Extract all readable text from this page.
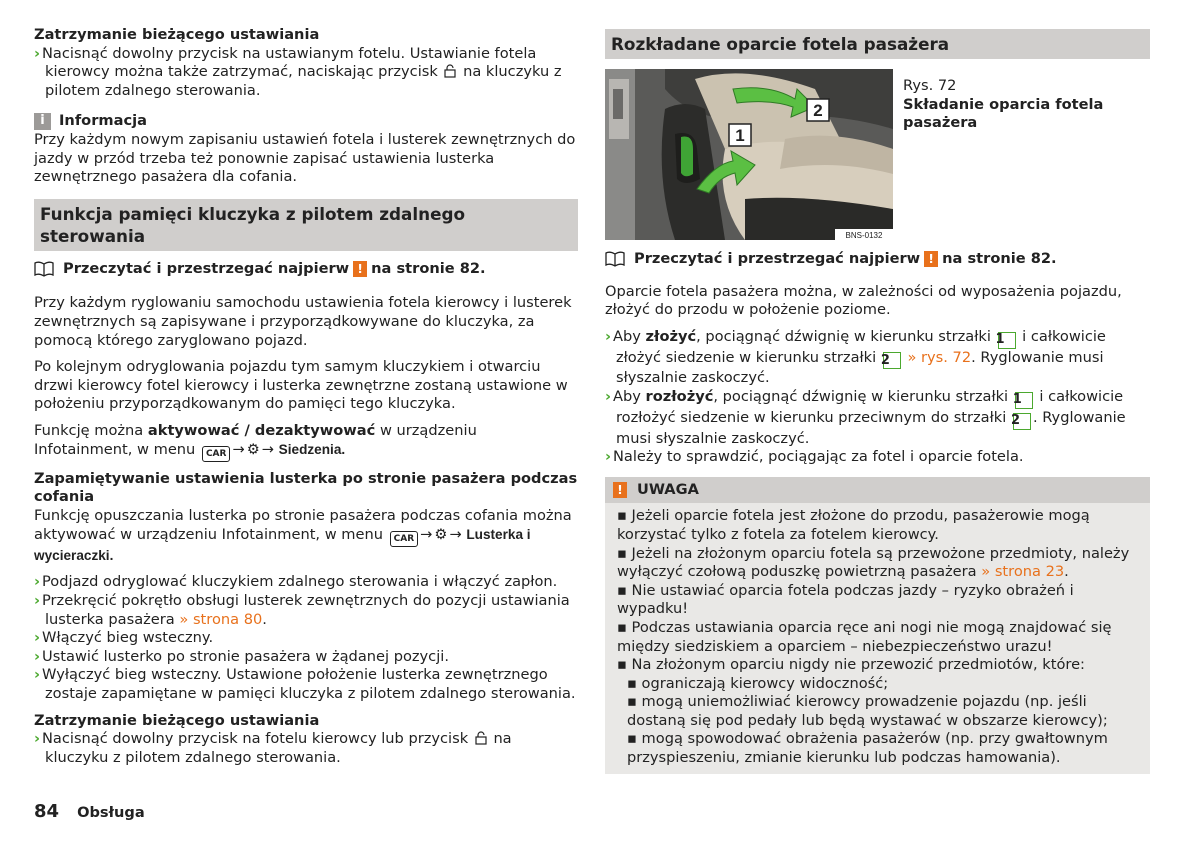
Zatrzymanie bieżącego ustawiania
› Nacisnąć dowolny przycisk na ustawianym fotelu. Ustawianie fotela kierowcy można także zatrzymać, naciskając przycisk na kluczyku z pilotem zdalnego sterowania.
i Informacja
Przy każdym nowym zapisaniu ustawień fotela i lusterek zewnętrznych do jazdy w przód trzeba też ponownie zapisać ustawienia lusterka zewnętrznego pasażera dla cofania.
Funkcja pamięci kluczyka z pilotem zdalnego sterowania
Przeczytać i przestrzegać najpierw ! na stronie 82.
Przy każdym ryglowaniu samochodu ustawienia fotela kierowcy i lusterek zewnętrznych są zapisywane i przyporządkowywane do kluczyka, za pomocą którego zaryglowano pojazd.
Po kolejnym odryglowania pojazdu tym samym kluczykiem i otwarciu drzwi kierowcy fotel kierowcy i lusterka zewnętrzne zostaną ustawione w położeniu przyporządkowanym do pamięci tego kluczyka.
Funkcję można aktywować / dezaktywować w urządzeniu Infotainment, w menu CAR → ⚙ → Siedzenia.
Zapamiętywanie ustawienia lusterka po stronie pasażera podczas cofania
Funkcję opuszczania lusterka po stronie pasażera podczas cofania można aktywować w urządzeniu Infotainment, w menu CAR → ⚙ → Lusterka i wycieraczki.
› Podjazd odryglować kluczykiem zdalnego sterowania i włączyć zapłon.
› Przekręcić pokrętło obsługi lusterek zewnętrznych do pozycji ustawiania lusterka pasażera » strona 80.
› Włączyć bieg wsteczny.
› Ustawić lusterko po stronie pasażera w żądanej pozycji.
› Wyłączyć bieg wsteczny. Ustawione położenie lusterka zewnętrznego zostaje zapamiętane w pamięci kluczyka z pilotem zdalnego sterowania.
Zatrzymanie bieżącego ustawiania
› Nacisnąć dowolny przycisk na fotelu kierowcy lub przycisk na kluczyku z pilotem zdalnego sterowania.
Rozkładane oparcie fotela pasażera
1
2
BNS-0132
Rys. 72
Składanie oparcia fotela pasażera
Przeczytać i przestrzegać najpierw ! na stronie 82.
Oparcie fotela pasażera można, w zależności od wyposażenia pojazdu, złożyć do przodu w położenie poziome.
› Aby złożyć, pociągnąć dźwignię w kierunku strzałki 1 i całkowicie złożyć siedzenie w kierunku strzałki 2 » rys. 72. Ryglowanie musi słyszalnie zaskoczyć.
› Aby rozłożyć, pociągnąć dźwignię w kierunku strzałki 1 i całkowicie rozłożyć siedzenie w kierunku przeciwnym do strzałki 2 . Ryglowanie musi słyszalnie zaskoczyć.
› Należy to sprawdzić, pociągając za fotel i oparcie fotela.
! UWAGA
▪ Jeżeli oparcie fotela jest złożone do przodu, pasażerowie mogą korzystać tylko z fotela za fotelem kierowcy.
▪ Jeżeli na złożonym oparciu fotela są przewożone przedmioty, należy wyłączyć czołową poduszkę powietrzną pasażera » strona 23.
▪ Nie ustawiać oparcia fotela podczas jazdy – ryzyko obrażeń i wypadku!
▪ Podczas ustawiania oparcia ręce ani nogi nie mogą znajdować się między siedziskiem a oparciem – niebezpieczeństwo urazu!
▪ Na złożonym oparciu nigdy nie przewozić przedmiotów, które:
▪ ograniczają kierowcy widoczność;
▪ mogą uniemożliwiać kierowcy prowadzenie pojazdu (np. jeśli dostaną się pod pedały lub będą wystawać w obszarze kierowcy);
▪ mogą spowodować obrażenia pasażerów (np. przy gwałtownym przyspieszeniu, zmianie kierunku lub podczas hamowania).
84 Obsługa
